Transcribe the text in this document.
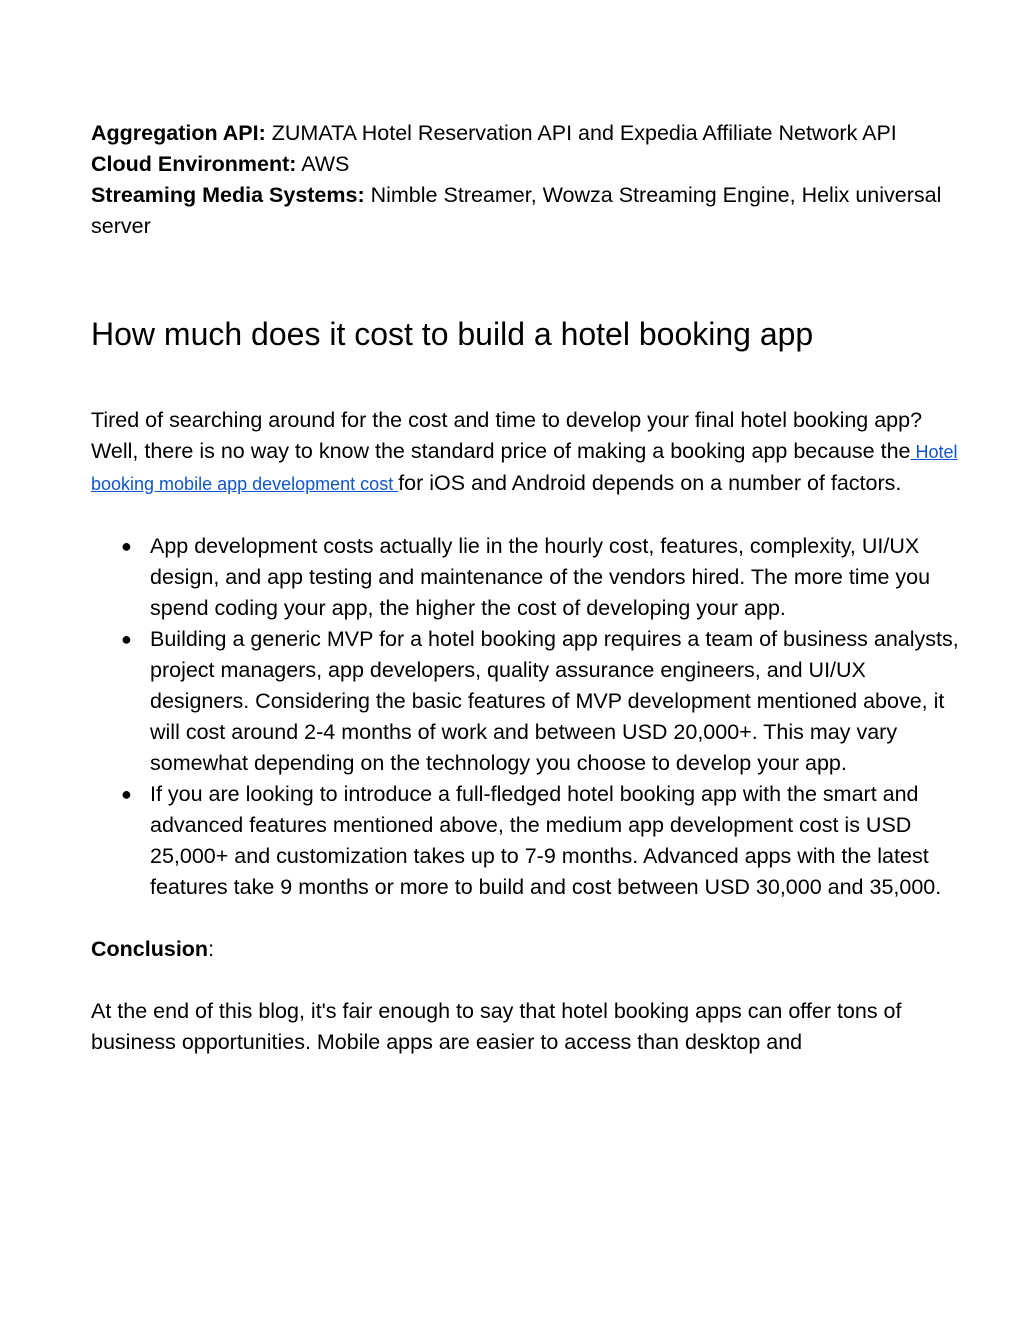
Aggregation API: ZUMATA Hotel Reservation API and Expedia Affiliate Network API

Cloud Environment: AWS

Streaming Media Systems: Nimble Streamer, Wowza Streaming Engine, Helix universal server

How much does it cost to build a hotel booking app

Tired of searching around for the cost and time to develop your final hotel booking app? Well, there is no way to know the standard price of making a booking app because the Hotel booking mobile app development cost for iOS and Android depends on a number of factors.

● App development costs actually lie in the hourly cost, features, complexity, UI/UX design, and app testing and maintenance of the vendors hired. The more time you spend coding your app, the higher the cost of developing your app.
● Building a generic MVP for a hotel booking app requires a team of business analysts, project managers, app developers, quality assurance engineers, and UI/UX designers. Considering the basic features of MVP development mentioned above, it will cost around 2-4 months of work and between USD 20,000+. This may vary somewhat depending on the technology you choose to develop your app.
● If you are looking to introduce a full-fledged hotel booking app with the smart and advanced features mentioned above, the medium app development cost is USD 25,000+ and customization takes up to 7-9 months. Advanced apps with the latest features take 9 months or more to build and cost between USD 30,000 and 35,000.

Conclusion:

At the end of this blog, it's fair enough to say that hotel booking apps can offer tons of business opportunities. Mobile apps are easier to access than desktop and
